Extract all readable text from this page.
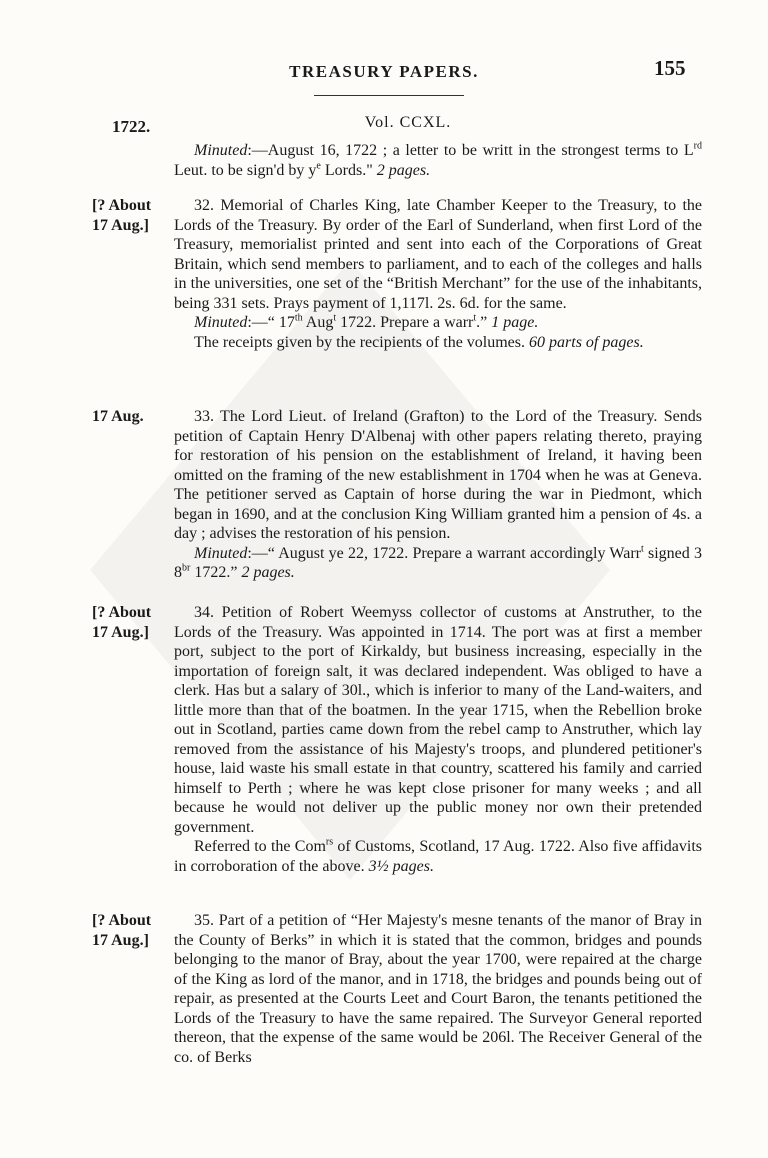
TREASURY PAPERS.	155
1722.	Vol. CCXL.

Minuted:—August 16, 1722 ; a letter to be writt in the strongest terms to Lrd Leut. to be sign'd by $y^e$ Lords." 2 pages.

[? About
17 Aug.]

32. Memorial of Charles King, late Chamber Keeper to the Treasury, to the Lords of the Treasury. By order of the Earl of Sunderland, when first Lord of the Treasury, memorialist printed and sent into each of the Corporations of Great Britain, which send members to parliament, and to each of the colleges and halls in the universities, one set of the “British Merchant” for the use of the inhabitants, being 331 sets. Prays payment of 1,117l. 2s. 6d. for the same.

Minuted:—“ 17th Aug$^t$ 1722. Prepare a warr$^t$.” 1 page.

The receipts given by the recipients of the volumes. 60 parts of pages.

17 Aug.	33. The Lord Lieut. of Ireland (Grafton) to the Lord of the Treasury. Sends petition of Captain Henry D'Albenaj with other papers relating thereto, praying for restoration of his pension on the establishment of Ireland, it having been omitted on the framing of the new establishment in 1704 when he was at Geneva. The petitioner served as Captain of horse during the war in Piedmont, which began in 1690, and at the conclusion King William granted him a pension of 4s. a day ; advises the restoration of his pension.

Minuted:—“ August ye 22, 1722. Prepare a warrant accordingly Warr$^t$ signed 3 $8^{br}$ 1722.” 2 pages.

[? About
17 Aug.]

34. Petition of Robert Weemyss collector of customs at Anstruther, to the Lords of the Treasury. Was appointed in 1714. The port was at first a member port, subject to the port of Kirkaldy, but business increasing, especially in the importation of foreign salt, it was declared independent. Was obliged to have a clerk. Has but a salary of 30l., which is inferior to many of the Land-waiters, and little more than that of the boatmen. In the year 1715, when the Rebellion broke out in Scotland, parties came down from the rebel camp to Anstruther, which lay removed from the assistance of his Majesty's troops, and plundered petitioner's house, laid waste his small estate in that country, scattered his family and carried himself to Perth ; where he was kept close prisoner for many weeks ; and all because he would not deliver up the public money nor own their pretended government.

Referred to the Com$^{rs}$ of Customs, Scotland, 17 Aug. 1722. Also five affidavits in corroboration of the above. 3½ pages.

[? About
17 Aug.]

35. Part of a petition of “Her Majesty's mesne tenants of the manor of Bray in the County of Berks” in which it is stated that the common, bridges and pounds belonging to the manor of Bray, about the year 1700, were repaired at the charge of the King as lord of the manor, and in 1718, the bridges and pounds being out of repair, as presented at the Courts Leet and Court Baron, the tenants petitioned the Lords of the Treasury to have the same repaired. The Surveyor General reported thereon, that the expense of the same would be 206l. The Receiver General of the co. of Berks
